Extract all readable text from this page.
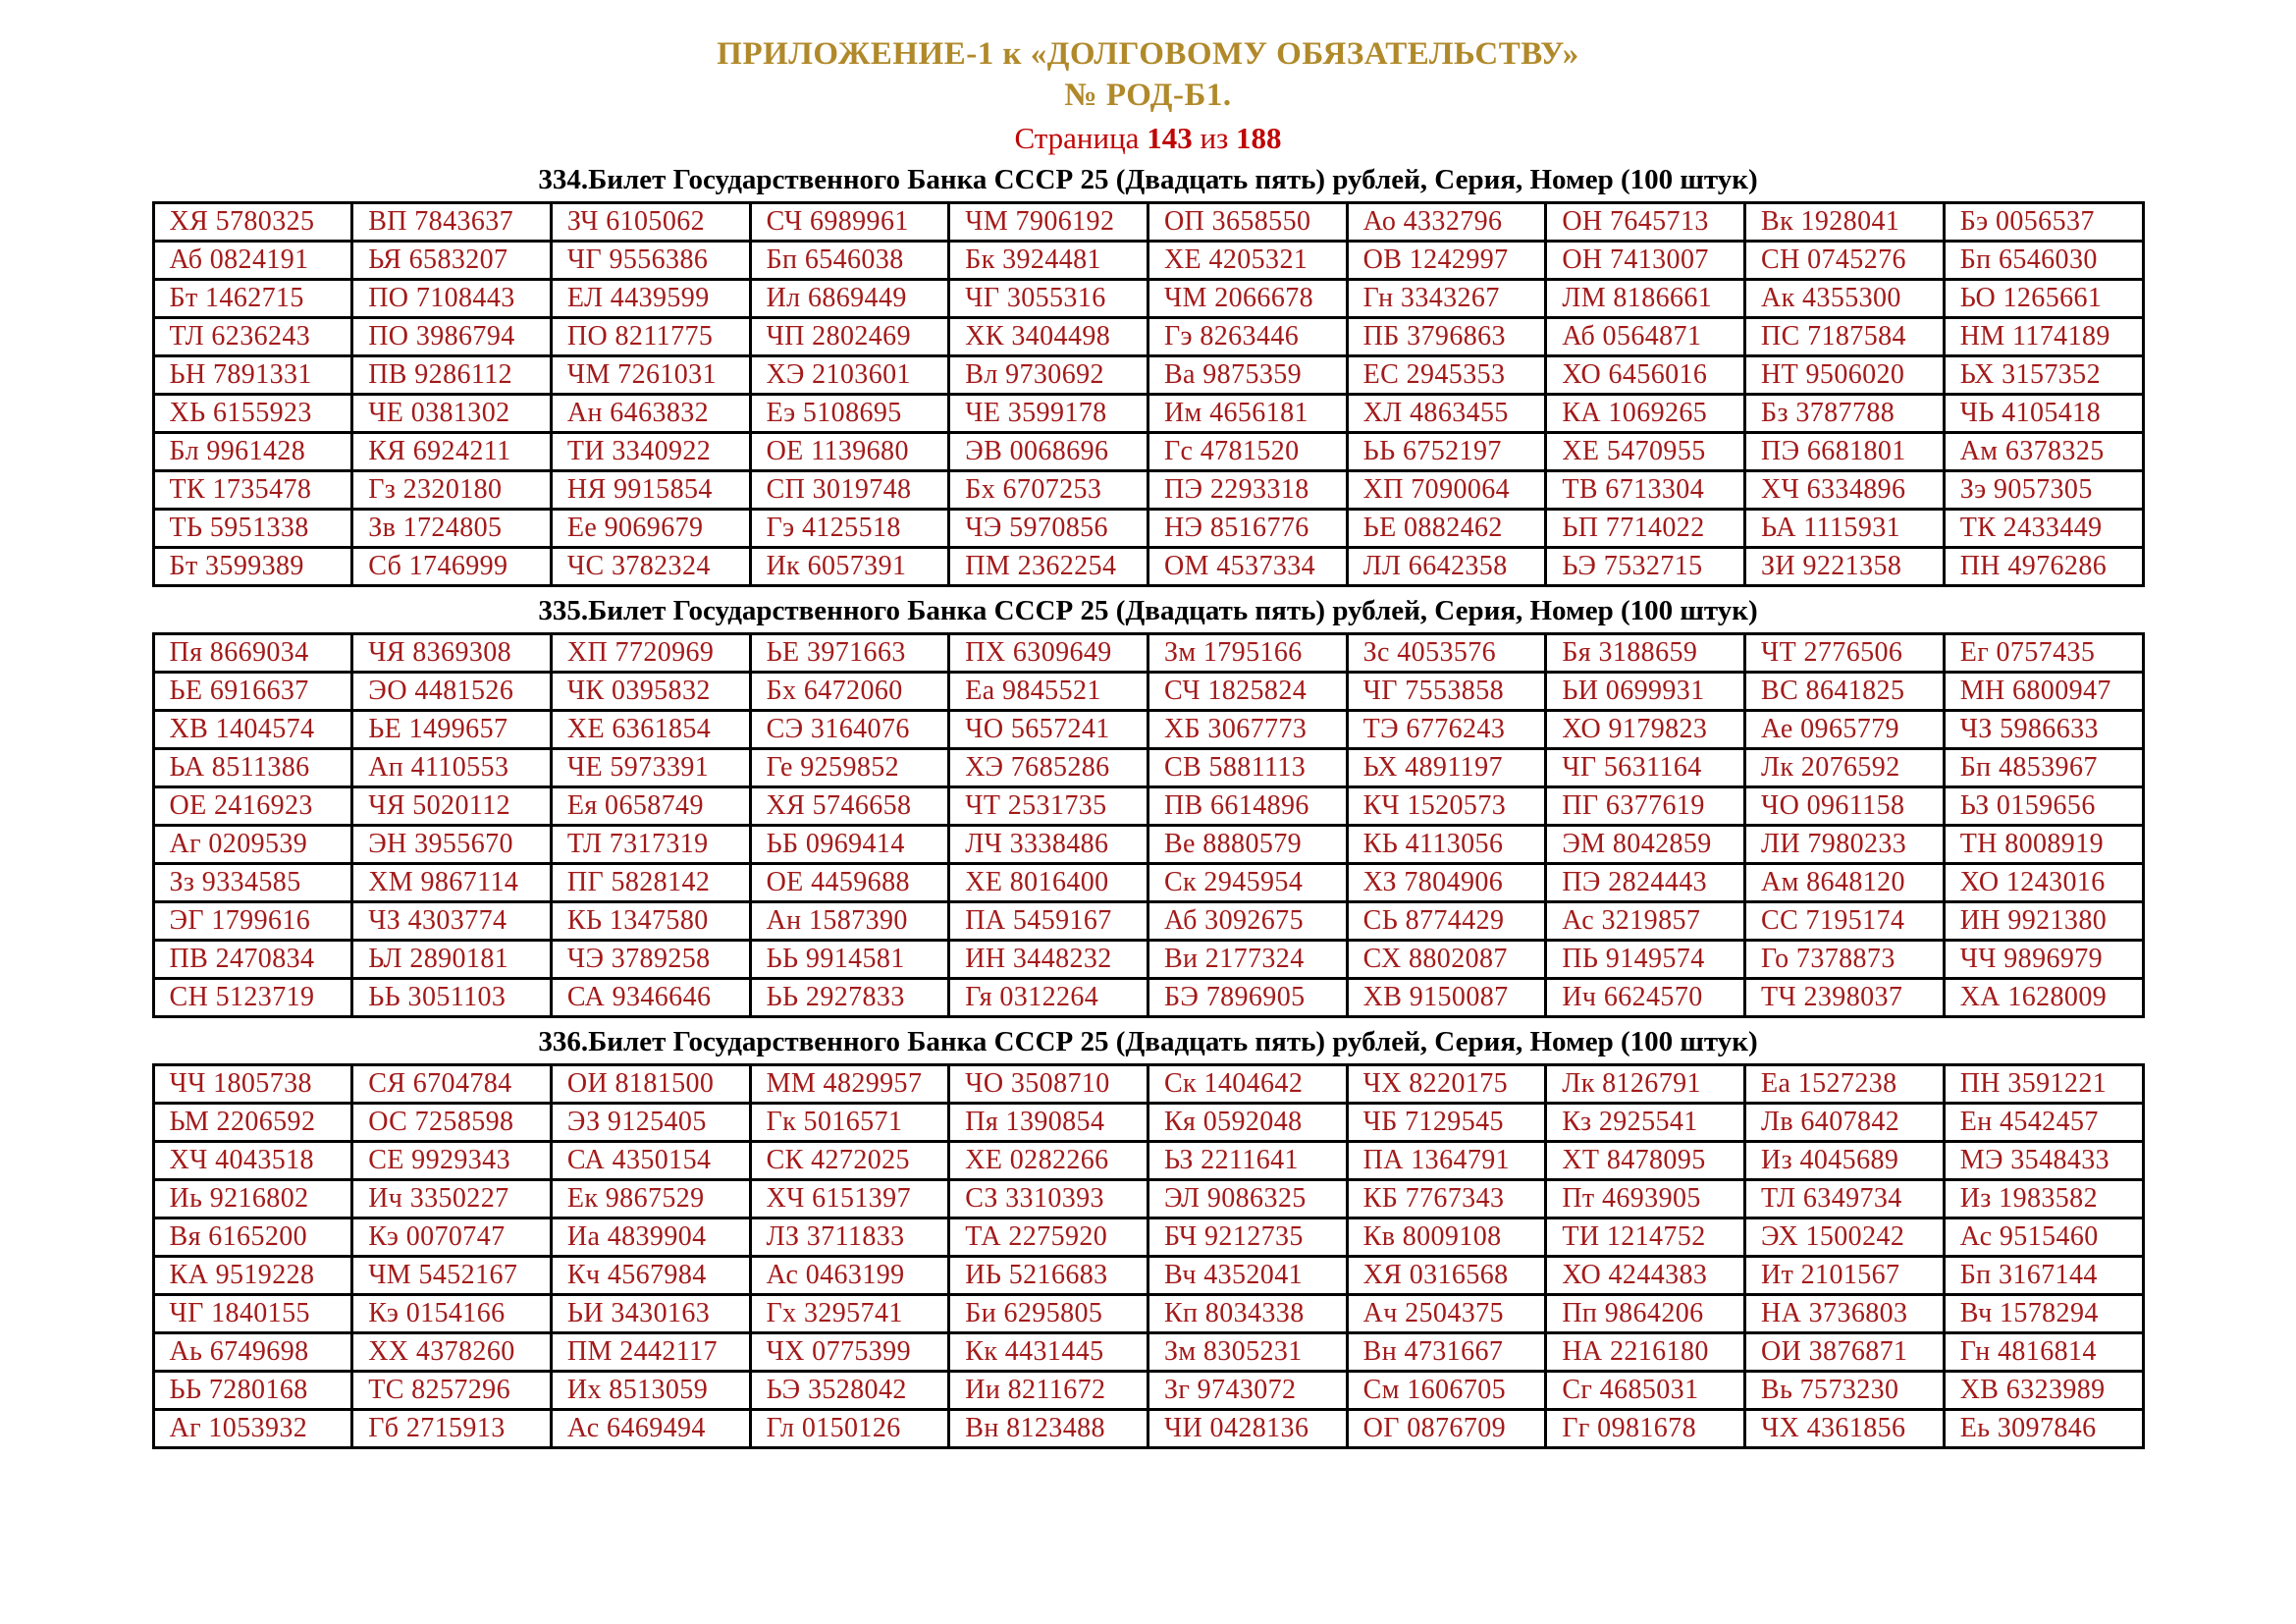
ПРИЛОЖЕНИЕ-1 к «ДОЛГОВОМУ ОБЯЗАТЕЛЬСТВУ»
№ РОД-Б1.
Страница 143 из 188
334.Билет Государственного Банка СССР 25 (Двадцать пять) рублей, Серия, Номер (100 штук)
ХЯ 5780325	ВП 7843637	ЗЧ 6105062	СЧ 6989961	ЧМ 7906192	ОП 3658550	Ао 4332796	ОН 7645713	Вк 1928041	Бэ 0056537
Аб 0824191	ЬЯ 6583207	ЧГ 9556386	Бп 6546038	Бк 3924481	ХЕ 4205321	ОВ 1242997	ОН 7413007	СН 0745276	Бп 6546030
Бт 1462715	ПО 7108443	ЕЛ 4439599	Ил 6869449	ЧГ 3055316	ЧМ 2066678	Гн 3343267	ЛМ 8186661	Ак 4355300	ЬО 1265661
ТЛ 6236243	ПО 3986794	ПО 8211775	ЧП 2802469	ХК 3404498	Гэ 8263446	ПБ 3796863	Аб 0564871	ПС 7187584	НМ 1174189
ЬН 7891331	ПВ 9286112	ЧМ 7261031	ХЭ 2103601	Вл 9730692	Ва 9875359	ЕС 2945353	ХО 6456016	НТ 9506020	ЬХ 3157352
ХЬ 6155923	ЧЕ 0381302	Ан 6463832	Еэ 5108695	ЧЕ 3599178	Им 4656181	ХЛ 4863455	КА 1069265	Бз 3787788	ЧЬ 4105418
Бл 9961428	КЯ 6924211	ТИ 3340922	ОЕ 1139680	ЭВ 0068696	Гс 4781520	ЬЬ 6752197	ХЕ 5470955	ПЭ 6681801	Ам 6378325
ТК 1735478	Гз 2320180	НЯ 9915854	СП 3019748	Бх 6707253	ПЭ 2293318	ХП 7090064	ТВ 6713304	ХЧ 6334896	Зэ 9057305
ТЬ 5951338	Зв 1724805	Ее 9069679	Гэ 4125518	ЧЭ 5970856	НЭ 8516776	ЬЕ 0882462	ЬП 7714022	ЬА 1115931	ТК 2433449
Бт 3599389	Сб 1746999	ЧС 3782324	Ик 6057391	ПМ 2362254	ОМ 4537334	ЛЛ 6642358	ЬЭ 7532715	ЗИ 9221358	ПН 4976286
335.Билет Государственного Банка СССР 25 (Двадцать пять) рублей, Серия, Номер (100 штук)
Пя 8669034	ЧЯ 8369308	ХП 7720969	ЬЕ 3971663	ПХ 6309649	Зм 1795166	Зс 4053576	Бя 3188659	ЧТ 2776506	Ег 0757435
ЬЕ 6916637	ЭО 4481526	ЧК 0395832	Бх 6472060	Еа 9845521	СЧ 1825824	ЧГ 7553858	ЬИ 0699931	ВС 8641825	МН 6800947
ХВ 1404574	ЬЕ 1499657	ХЕ 6361854	СЭ 3164076	ЧО 5657241	ХБ 3067773	ТЭ 6776243	ХО 9179823	Ае 0965779	ЧЗ 5986633
ЬА 8511386	Ап 4110553	ЧЕ 5973391	Ге 9259852	ХЭ 7685286	СВ 5881113	ЬХ 4891197	ЧГ 5631164	Лк 2076592	Бп 4853967
ОЕ 2416923	ЧЯ 5020112	Ея 0658749	ХЯ 5746658	ЧТ 2531735	ПВ 6614896	КЧ 1520573	ПГ 6377619	ЧО 0961158	ЬЗ 0159656
Аг 0209539	ЭН 3955670	ТЛ 7317319	ЬБ 0969414	ЛЧ 3338486	Ве 8880579	КЬ 4113056	ЭМ 8042859	ЛИ 7980233	ТН 8008919
Зз 9334585	ХМ 9867114	ПГ 5828142	ОЕ 4459688	ХЕ 8016400	Ск 2945954	ХЗ 7804906	ПЭ 2824443	Ам 8648120	ХО 1243016
ЭГ 1799616	ЧЗ 4303774	КЬ 1347580	Ан 1587390	ПА 5459167	Аб 3092675	СЬ 8774429	Ас 3219857	СС 7195174	ИН 9921380
ПВ 2470834	ЬЛ 2890181	ЧЭ 3789258	ЬЬ 9914581	ИН 3448232	Ви 2177324	СХ 8802087	ПЬ 9149574	Го 7378873	ЧЧ 9896979
СН 5123719	ЬЬ 3051103	СА 9346646	ЬЬ 2927833	Гя 0312264	БЭ 7896905	ХВ 9150087	Ич 6624570	ТЧ 2398037	ХА 1628009
336.Билет Государственного Банка СССР 25 (Двадцать пять) рублей, Серия, Номер (100 штук)
ЧЧ 1805738	СЯ 6704784	ОИ 8181500	ММ 4829957	ЧО 3508710	Ск 1404642	ЧХ 8220175	Лк 8126791	Еа 1527238	ПН 3591221
ЬМ 2206592	ОС 7258598	ЭЗ 9125405	Гк 5016571	Пя 1390854	Кя 0592048	ЧБ 7129545	Кз 2925541	Лв 6407842	Ен 4542457
ХЧ 4043518	СЕ 9929343	СА 4350154	СК 4272025	ХЕ 0282266	ЬЗ 2211641	ПА 1364791	ХТ 8478095	Из 4045689	МЭ 3548433
Иь 9216802	Ич 3350227	Ек 9867529	ХЧ 6151397	СЗ 3310393	ЭЛ 9086325	КБ 7767343	Пт 4693905	ТЛ 6349734	Из 1983582
Вя 6165200	Кэ 0070747	Иа 4839904	ЛЗ 3711833	ТА 2275920	БЧ 9212735	Кв 8009108	ТИ 1214752	ЭХ 1500242	Ас 9515460
КА 9519228	ЧМ 5452167	Кч 4567984	Ас 0463199	ИЬ 5216683	Вч 4352041	ХЯ 0316568	ХО 4244383	Ит 2101567	Бп 3167144
ЧГ 1840155	Кэ 0154166	ЬИ 3430163	Гх 3295741	Би 6295805	Кп 8034338	Ач 2504375	Пп 9864206	НА 3736803	Вч 1578294
Аь 6749698	ХХ 4378260	ПМ 2442117	ЧХ 0775399	Кк 4431445	Зм 8305231	Вн 4731667	НА 2216180	ОИ 3876871	Гн 4816814
ЬЬ 7280168	ТС 8257296	Их 8513059	ЬЭ 3528042	Ии 8211672	Зг 9743072	См 1606705	Сг 4685031	Вь 7573230	ХВ 6323989
Аг 1053932	Гб 2715913	Ас 6469494	Гл 0150126	Вн 8123488	ЧИ 0428136	ОГ 0876709	Гг 0981678	ЧХ 4361856	Еь 3097846
